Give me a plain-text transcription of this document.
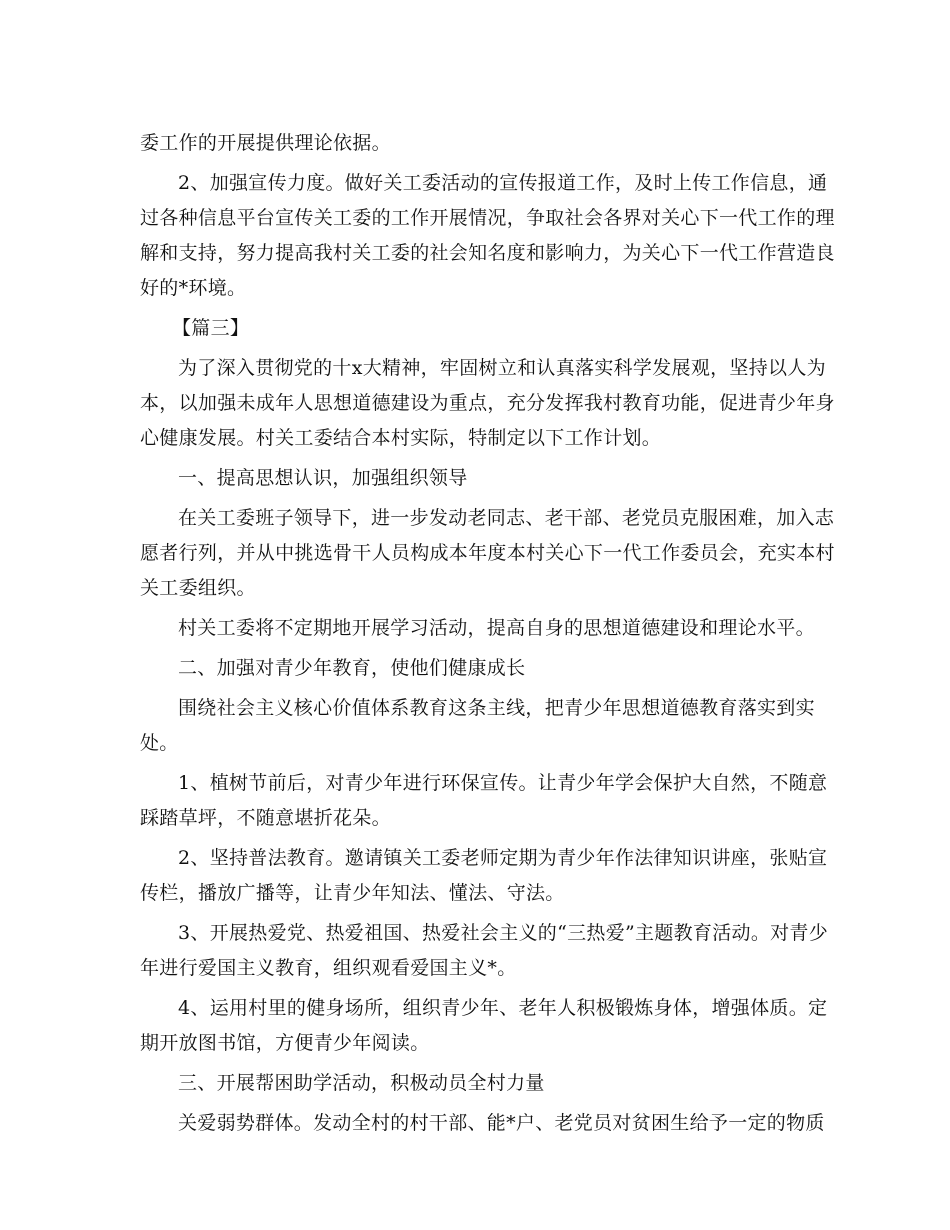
委工作的开展提供理论依据。
2、加强宣传力度。做好关工委活动的宣传报道工作，及时上传工作信息，通
过各种信息平台宣传关工委的工作开展情况，争取社会各界对关心下一代工作的理
解和支持，努力提高我村关工委的社会知名度和影响力，为关心下一代工作营造良
好的*环境。
【篇三】
为了深入贯彻党的十x大精神，牢固树立和认真落实科学发展观，坚持以人为
本，以加强未成年人思想道德建设为重点，充分发挥我村教育功能，促进青少年身
心健康发展。村关工委结合本村实际，特制定以下工作计划。
一、提高思想认识，加强组织领导
在关工委班子领导下，进一步发动老同志、老干部、老党员克服困难，加入志
愿者行列，并从中挑选骨干人员构成本年度本村关心下一代工作委员会，充实本村
关工委组织。
村关工委将不定期地开展学习活动，提高自身的思想道德建设和理论水平。
二、加强对青少年教育，使他们健康成长
围绕社会主义核心价值体系教育这条主线，把青少年思想道德教育落实到实
处。
1、植树节前后，对青少年进行环保宣传。让青少年学会保护大自然，不随意
踩踏草坪，不随意堪折花朵。
2、坚持普法教育。邀请镇关工委老师定期为青少年作法律知识讲座，张贴宣
传栏，播放广播等，让青少年知法、懂法、守法。
3、开展热爱党、热爱祖国、热爱社会主义的“三热爱”主题教育活动。对青少
年进行爱国主义教育，组织观看爱国主义*。
4、运用村里的健身场所，组织青少年、老年人积极锻炼身体，增强体质。定
期开放图书馆，方便青少年阅读。
三、开展帮困助学活动，积极动员全村力量
关爱弱势群体。发动全村的村干部、能*户、老党员对贫困生给予一定的物质
